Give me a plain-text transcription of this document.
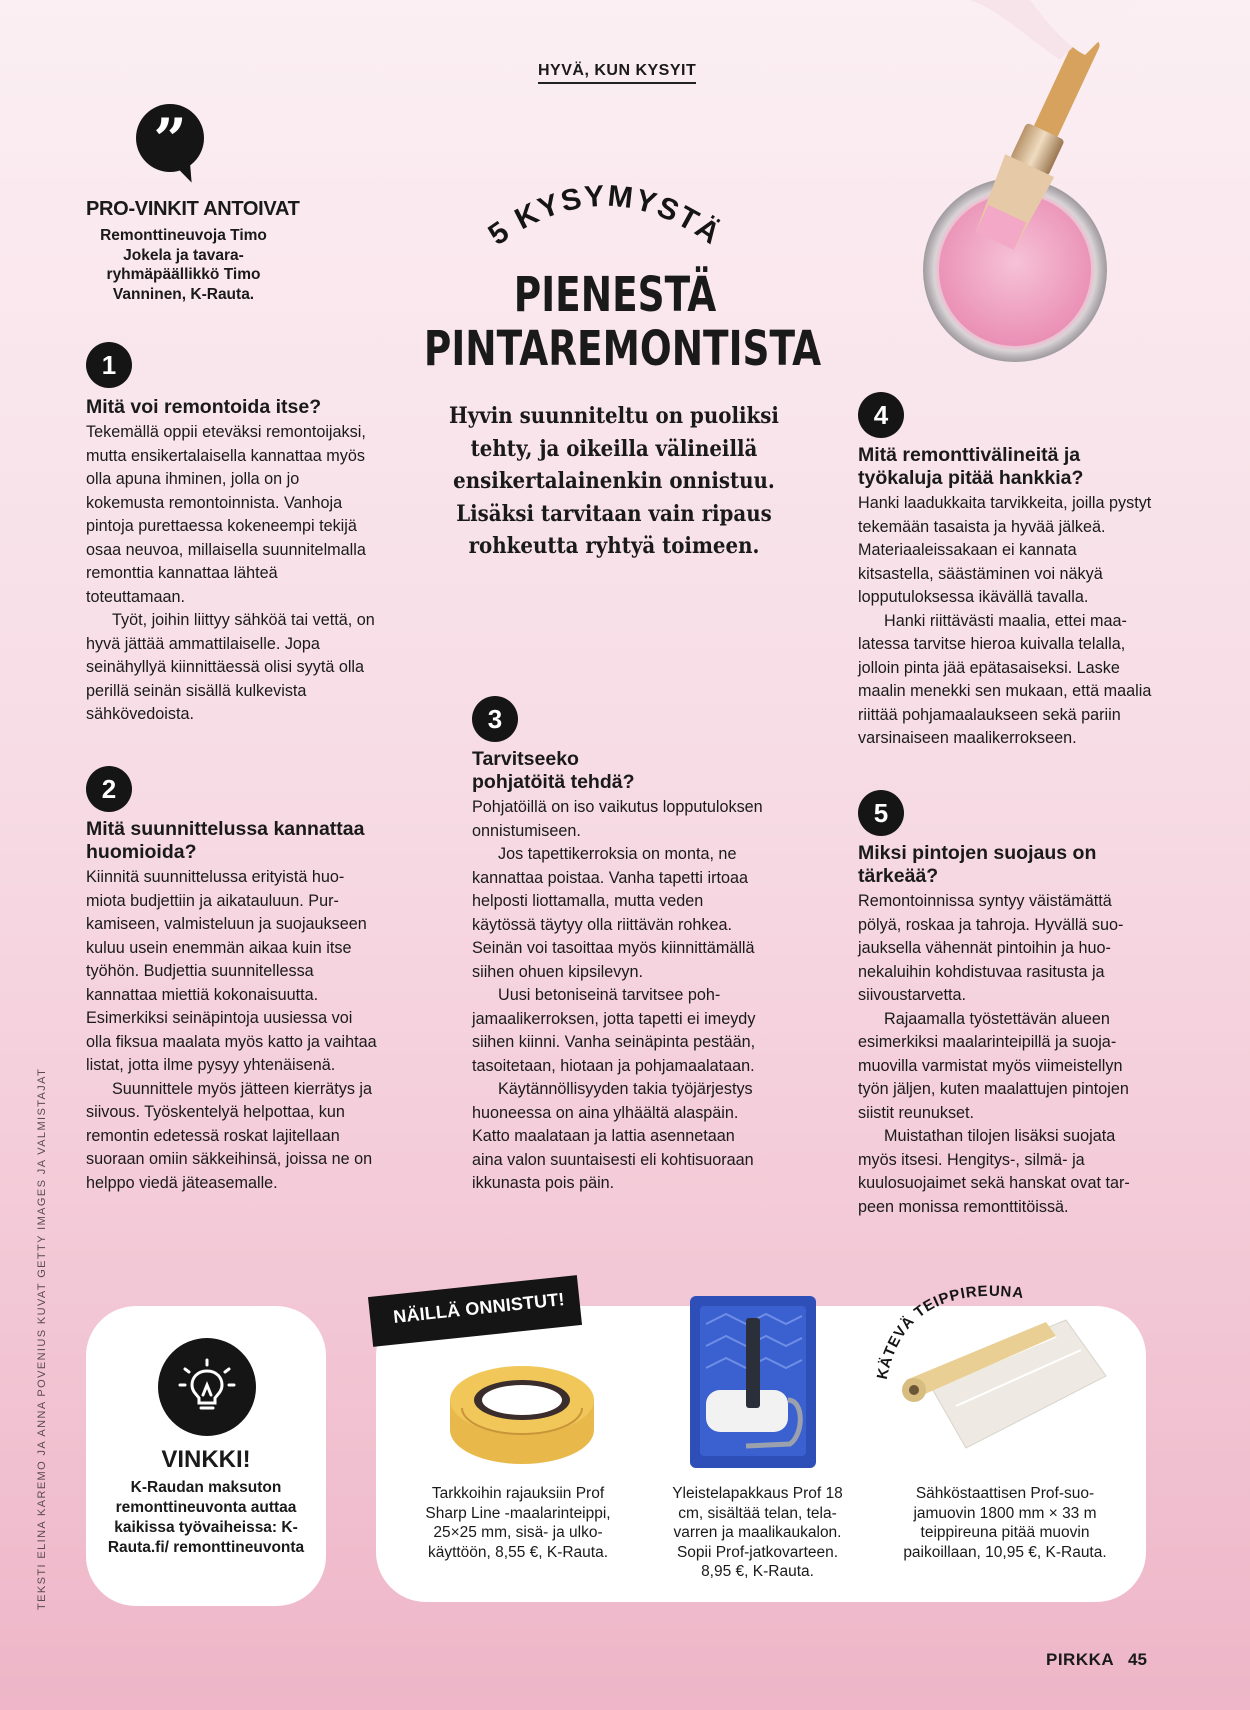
HYVÄ, KUN KYSYIT
”
PRO-VINKIT ANTOIVAT
Remonttineuvoja Timo Jokela ja tavararyhmäpäällikkö Timo Vanninen, K-Rauta.
5 KYSYMYSTÄ
PIENESTÄ
PINTAREMONTISTA
Hyvin suunniteltu on puoliksi tehty, ja oikeilla välineillä ensikertalainenkin onnistuu. Lisäksi tarvitaan vain ripaus rohkeutta ryhtyä toimeen.
1
Mitä voi remontoida itse?

Tekemällä oppii eteväksi remontoijaksi, mutta ensikertalaisella kannattaa myös olla apuna ihminen, jolla on jo kokemusta remontoinnista. Vanhoja pintoja purettaessa kokeneempi tekijä osaa neuvoa, millaisella suunnitelmalla remonttia kannattaa lähteä toteuttamaan.

Työt, joihin liittyy sähköä tai vettä, on hyvä jättää ammattilaiselle. Jopa seinähyllyä kiinnittäessä olisi syytä olla perillä seinän sisällä kulkevista sähkövedoista.

2
Mitä suunnittelussa kannattaa huomioida?

Kiinnitä suunnittelussa erityistä huomiota budjettiin ja aikatauluun. Purkamiseen, valmisteluun ja suojaukseen kuluu usein enemmän aikaa kuin itse työhön. Budjettia suunnitellessa kannattaa miettiä kokonaisuutta. Esimerkiksi seinäpintoja uusiessa voi olla fiksua maalata myös katto ja vaihtaa listat, jotta ilme pysyy yhtenäisenä.

Suunnittele myös jätteen kierrätys ja siivous. Työskentelyä helpottaa, kun remontin edetessä roskat lajitellaan suoraan omiin säkkeihinsä, joissa ne on helppo viedä jäteasemalle.

3
Tarvitseeko pohjatöitä tehdä?

Pohjatöillä on iso vaikutus lopputuloksen onnistumiseen.

Jos tapettikerroksia on monta, ne kannattaa poistaa. Vanha tapetti irtoaa helposti liottamalla, mutta veden käytössä täytyy olla riittävän rohkea. Seinän voi tasoittaa myös kiinnittämällä siihen ohuen kipsilevyn.

Uusi betoniseinä tarvitsee pohjamaalikerroksen, jotta tapetti ei imeydy siihen kiinni. Vanha seinäpinta pestään, tasoitetaan, hiotaan ja pohjamaalataan.

Käytännöllisyyden takia työjärjestys huoneessa on aina ylhäältä alaspäin. Katto maalataan ja lattia asennetaan aina valon suuntaisesti eli kohtisuoraan ikkunasta pois päin.

4
Mitä remonttivälineitä ja työkaluja pitää hankkia?

Hanki laadukkaita tarvikkeita, joilla pystyt tekemään tasaista ja hyvää jälkeä. Materiaaleissakaan ei kannata kitsastella, säästäminen voi näkyä lopputuloksessa ikävällä tavalla.

Hanki riittävästi maalia, ettei maalatessa tarvitse hieroa kuivalla telalla, jolloin pinta jää epätasaiseksi. Laske maalin menekki sen mukaan, että maalia riittää pohjamaalaukseen sekä pariin varsinaiseen maalikerrokseen.

5
Miksi pintojen suojaus on tärkeää?

Remontoinnissa syntyy väistämättä pölyä, roskaa ja tahroja. Hyvällä suojauksella vähennät pintoihin ja huonekaluihin kohdistuvaa rasitusta ja siivoustarvetta.

Rajaamalla työstettävän alueen esimerkiksi maalarinteipillä ja suojamuovilla varmistat myös viimeistellyn työn jäljen, kuten maalattujen pintojen siistit reunukset.

Muistathan tilojen lisäksi suojata myös itsesi. Hengitys-, silmä- ja kuulosuojaimet sekä hanskat ovat tarpeen monissa remonttitöissä.

VINKKI!
K-Raudan maksuton remonttineuvonta auttaa kaikissa työvaiheissa: K-Rauta.fi/ remonttineuvonta
NÄILLÄ ONNISTUT!
KÄTEVÄ TEIPPIREUNA
Tarkkoihin rajauksiin Prof Sharp Line -maalarinteippi, 25×25 mm, sisä- ja ulkokäyttöön, 8,55 €, K-Rauta.
Yleistelapakkaus Prof 18 cm, sisältää telan, telavarren ja maalikaukalon. Sopii Prof-jatkovarteen. 8,95 €, K-Rauta.
Sähköstaattisen Prof-suojamuovin 1800 mm × 33 m teippireuna pitää muovin paikoillaan, 10,95 €, K-Rauta.
TEKSTI ELINA KAREMO JA ANNA POVENIUS KUVAT GETTY IMAGES JA VALMISTAJAT
PIRKKA 45
